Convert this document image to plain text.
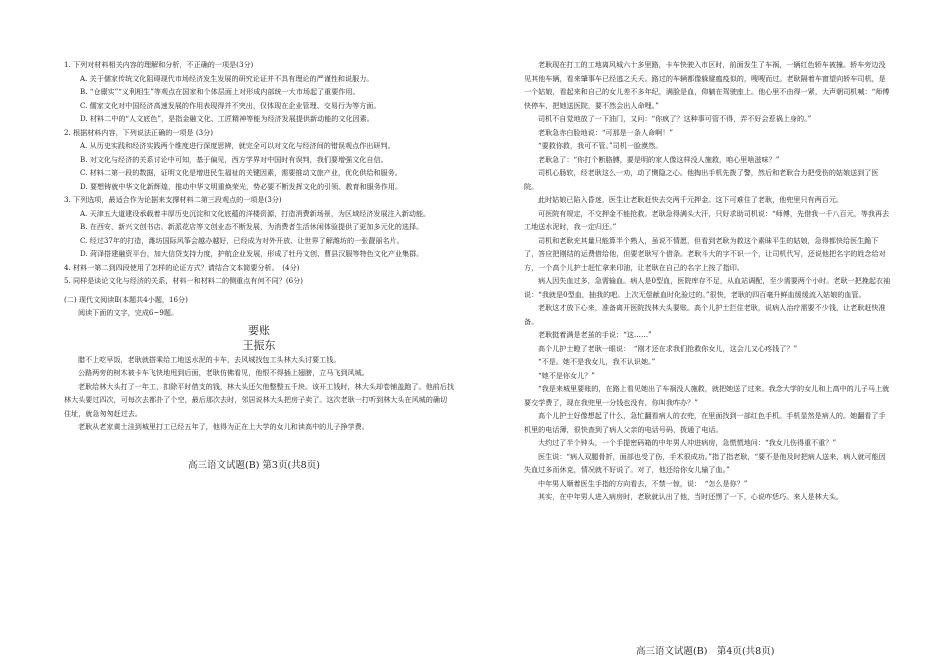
1. 下列对材料相关内容的理解和分析，不正确的一项是(3分)

A. 关于儒家传统文化阻碍现代市场经济发生发展的研究论证并不具有理论的严谨性和说服力。

B. “仓廪实”“义利相生”等观点在国家和个体层面上对形成内部统一大市场起了重要作用。

C. 儒家文化对中国经济高速发展的作用表现得并不突出，仅体现在企业管理、交易行为等方面。

D. 材料二中的“人文底色”，是指金融文化、工匠精神等能为经济发展提供新动能的文化因素。

2. 根据材料内容，下列说法正确的一项是 (3分)

A. 从历史实践和经济实践两个维度进行深度思辨，就完全可以对文化与经济间的错误观点作出研判。

B. 对文化与经济的关系讨论中可知，基于偏见，西方学界对中国时有误判，我们要增强文化自信。

C. 材料二第一段的数据，证明文化是增进民生福祉的关键因素，需要推动文旅产业，优化供给和服务。

D. 要想铸就中华文化新辉煌，推动中华文明重焕荣光，势必要不断发挥文化的引领、教育和服务作用。

3. 下列选项，最适合作为论据来支撑材料二第三段观点的一项是(3分)

A. 天津五大道建设承载着丰厚历史沉淀和文化底蕴的洋楼资源，打造消费新场景，为区域经济发展注入新动能。

B. 在西安，新兴文创书店、新派花店等文创业态不断发展，为消费者生活休闲体验提供了更加多元化的选择。

C. 经过37年的打造，潍坊国际风筝会越办越好，已经成为对外开放、让世界了解潍坊的一张靓丽名片。

D. 菏泽搭建融资平台，加大信贷支持力度，护航企业发展，形成了牡丹文创、曹县汉服等特色文化产业集群。

4. 材料一第二到四段使用了怎样的论证方式？请结合文本简要分析。　(4分)

5. 同样是谈论文化与经济的关系，材料一和材料二的侧重点有何不同？(6分)

(二) 现代文阅读Ⅱ(本题共4小题，16分)

阅读下面的文字，完成6~9题。

要账

王振东

腊不上吃早饭，老耿就搭乘给工地送水泥的卡车，去风城找包工头林大头讨要工钱。

公路两旁的树木被卡车飞快地甩到后面，老耿仿佛看见，他恨不得插上翅膀，立马飞到风城。

老耿给林大头打了一年工，扣除平时借支的钱，林大头还欠他整整五千块。该开工钱时，林大头却卷铺盖跑了。他前后找林大头要过四次，可每次去都扑了个空，最后那次去时，邻居说林大头把房子卖了。这次老耿一打听到林大头在风城的确切住址，就急匆匆赶过去。

老耿从老家黄土洼到城里打工已经五年了，他得为正在上大学的女儿和读高中的儿子挣学费。

高三语文试题(B) 第3页(共8页)

老耿现在打工的工地离风城六十多里路，卡车快驶入市区时，前面发生了车祸，一辆红色轿车被撞。轿车旁边没见其他车辆，看来肇事车已经逃之夭夭。路过的车辆都像躲避瘟疫似的，嗖嗖而过。老耿隔着车窗望向轿车司机，是一个姑娘，看起来和自己的女儿差不多年纪，满脸是血，仰躺在驾驶座上。他心里不由得一紧，大声朝司机喊：“师傅快停车，把她送医院，要不然会出人命哩。”

司机不自觉地放了一下油门，又问：“你疯了？这种事可管不得，弄不好会惹祸上身的。”

老耿急赤白脸地说：“可那是一条人命啊！”

“要救你救，我可不管。”司机一脸漠然。

老耿急了：“你打个断胳膊，要是明的家人像这样没人施救，咱心里啥滋味？”

司机心肠软，经老耿这么一劝，动了恻隐之心。他掏出手机先拨了警，然后和老耿合力把受伤的姑娘送到了医院。

此时姑娘已陷入昏迷，医生让老耿赶快去交两千元押金。这下可难住了老耿，他兜里只有两百元。

可医院有规定，不交押金不能抢救。老耿急得满头大汗，只好求助司机说：“师傅，先借我一千八百元，等我再去工地送水泥时，我一定归还。”

司机和老耿充其量只能算半个熟人，虽说不情愿，但看到老耿为救这个素昧平生的姑娘，急得都快给医生跪下了，答应把刚结的运费借给他，但要老耿写个借条。老耿斗大的字不识一个，让司机代写，还说他把名字的姓念给对方，一个高个儿护士赶忙拿来印油，让老耿在自己的名字上按了指印。

病人因失血过多，急需输血。病人是0型血，医院库存不足，从血站调配，至少需要两个小时。老耿一把挽起衣袖说：“我就是0型血，抽我的吧。上次无偿献血时化验过的。”很快，老耿的四百毫升鲜血缓缓流入姑娘的血管。

老耿这才放下心来，准备离开医院找林大头要账。高个儿护士拦住老耿，说病人治疗需要不少钱，让老耿赶快准备。

老耿挺着满是老茧的手说：“这……”

高个儿护士瞪了老耿一眼说：　“刚才还在求我们抢救你女儿，这会儿又心疼钱了？”

“不是。她不是我女儿，我不认识她。”

“她不是你女儿？”

“我是来城里要账的，在路上看见她出了车祸没人施救，就把她送了过来。我念大学的女儿和上高中的儿子马上就要交学费了，现在我兜里一分钱也没有，你叫我咋办？”

高个儿护士好像想起了什么，急忙翻看病人的衣兜，在里面找到一部红色手机。手机显然是病人的。她翻看了手机里的电话簿，很快查到了病人父亲的电话号码，拨通了电话。

大约过了半个钟头，一个手提密码箱的中年男人冲进病房，急慌慌地问：“我女儿伤得重不重？”

医生说：“病人双腿骨折，面部也受了伤，手术很成功。”指了指老耿，“要不是他及时把病人送来，病人就可能因失血过多而休克，情况就不好说了。对了，他还给你女儿输了血。”

中年男人顺着医生手指的方向看去，不禁一惊，说：　“怎么是你？”

其实，在中年男人进入病房时，老耿就认出了他，当时还愣了一下，心说咋恁巧。来人是林大头。

高三语文试题(B)　第4页(共8页)
